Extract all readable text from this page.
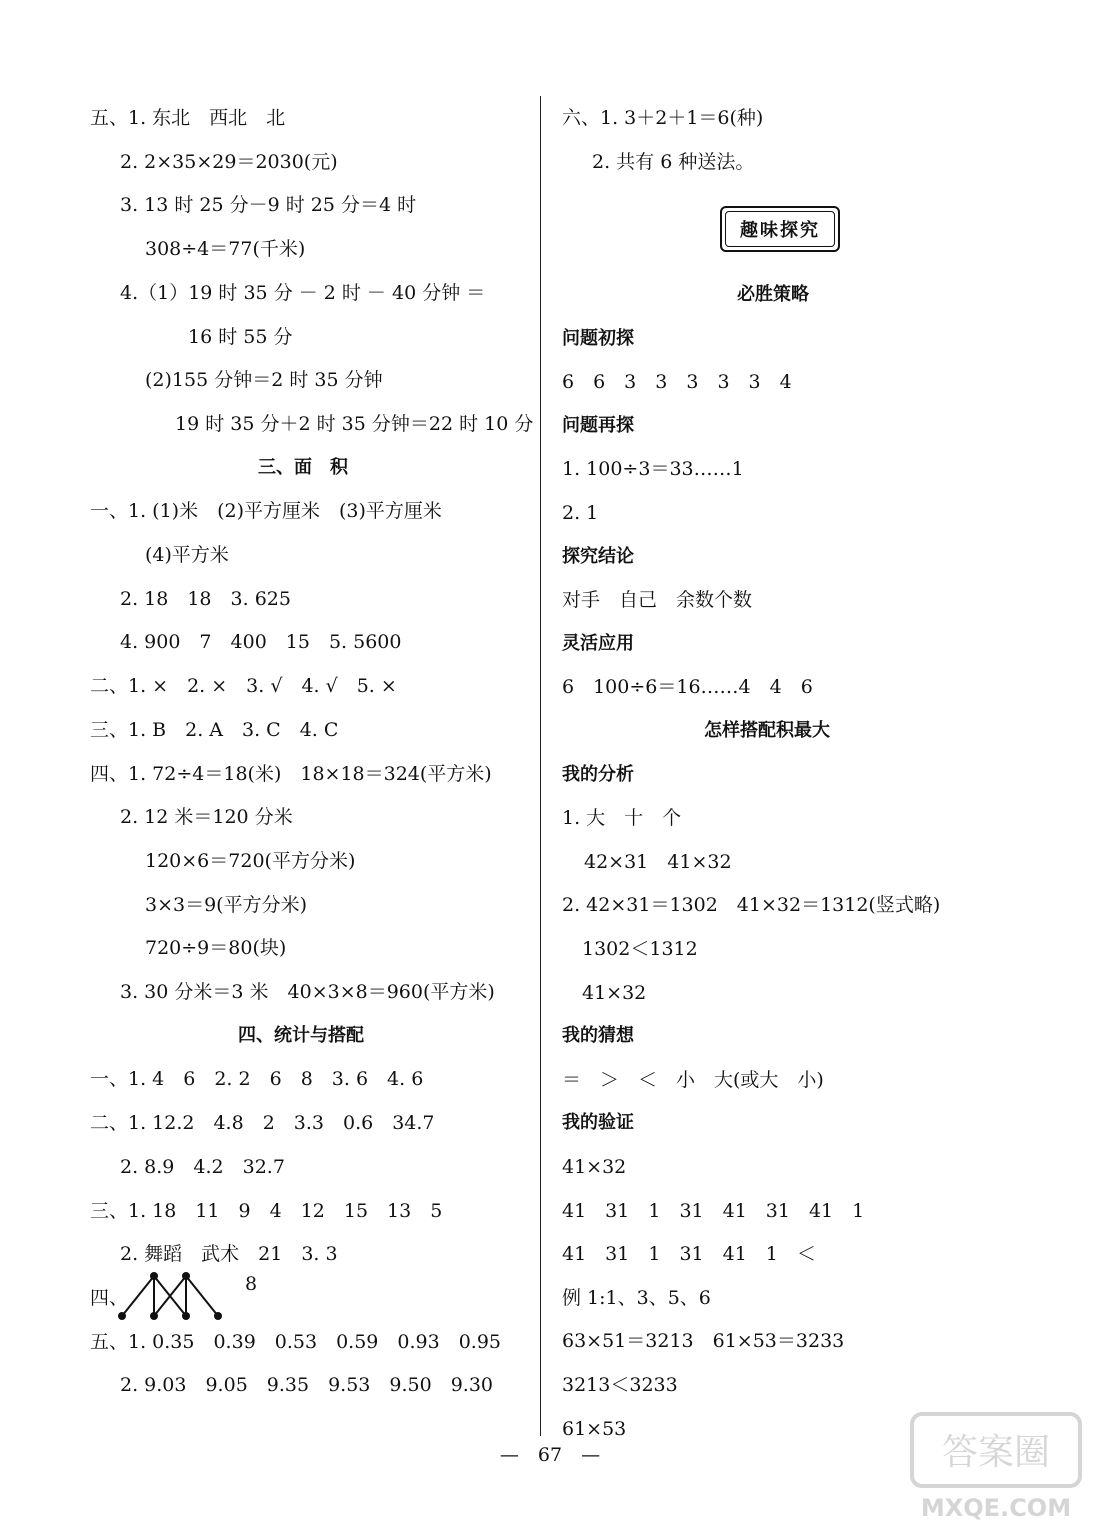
五、1. 东北　西北　北
2. 2×35×29＝2030(元)
3. 13 时 25 分－9 时 25 分＝4 时
308÷4＝77(千米)
4.（1）19 时 35 分 － 2 时 － 40 分钟 ＝
16 时 55 分
(2)155 分钟＝2 时 35 分钟
19 时 35 分＋2 时 35 分钟＝22 时 10 分
三、面　积
一、1. (1)米　(2)平方厘米　(3)平方厘米
(4)平方米
2. 18　18　3. 625
4. 900　7　400　15　5. 5600
二、1. ×　2. ×　3. √　4. √　5. ×
三、1. B　2. A　3. C　4. C
四、1. 72÷4＝18(米)　18×18＝324(平方米)
2. 12 米＝120 分米
120×6＝720(平方分米)
3×3＝9(平方分米)
720÷9＝80(块)
3. 30 分米＝3 米　40×3×8＝960(平方米)
四、统计与搭配
一、1. 4　6　2. 2　6　8　3. 6　4. 6
二、1. 12.2　4.8　2　3.3　0.6　34.7
2. 8.9　4.2　32.7
三、1. 18　11　9　4　12　15　13　5
2. 舞蹈　武术　21　3. 3
四、
8
五、1. 0.35　0.39　0.53　0.59　0.93　0.95
2. 9.03　9.05　9.35　9.53　9.50　9.30
趣味探究
六、1. 3＋2＋1＝6(种)
2. 共有 6 种送法。
必胜策略
问题初探
6　6　3　3　3　3　3　4
问题再探
1. 100÷3＝33……1
2. 1
探究结论
对手　自己　余数个数
灵活应用
6　100÷6＝16……4　4　6
怎样搭配积最大
我的分析
1. 大　十　个
42×31　41×32
2. 42×31＝1302　41×32＝1312(竖式略)
1302＜1312
41×32
我的猜想
＝　＞　＜　小　大(或大　小)
我的验证
41×32
41　31　1　31　41　31　41　1
41　31　1　31　41　1　＜
例 1:1、3、5、6
63×51＝3213　61×53＝3233
3213＜3233
61×53
—　67　—	答案圈
MXQE.COM
